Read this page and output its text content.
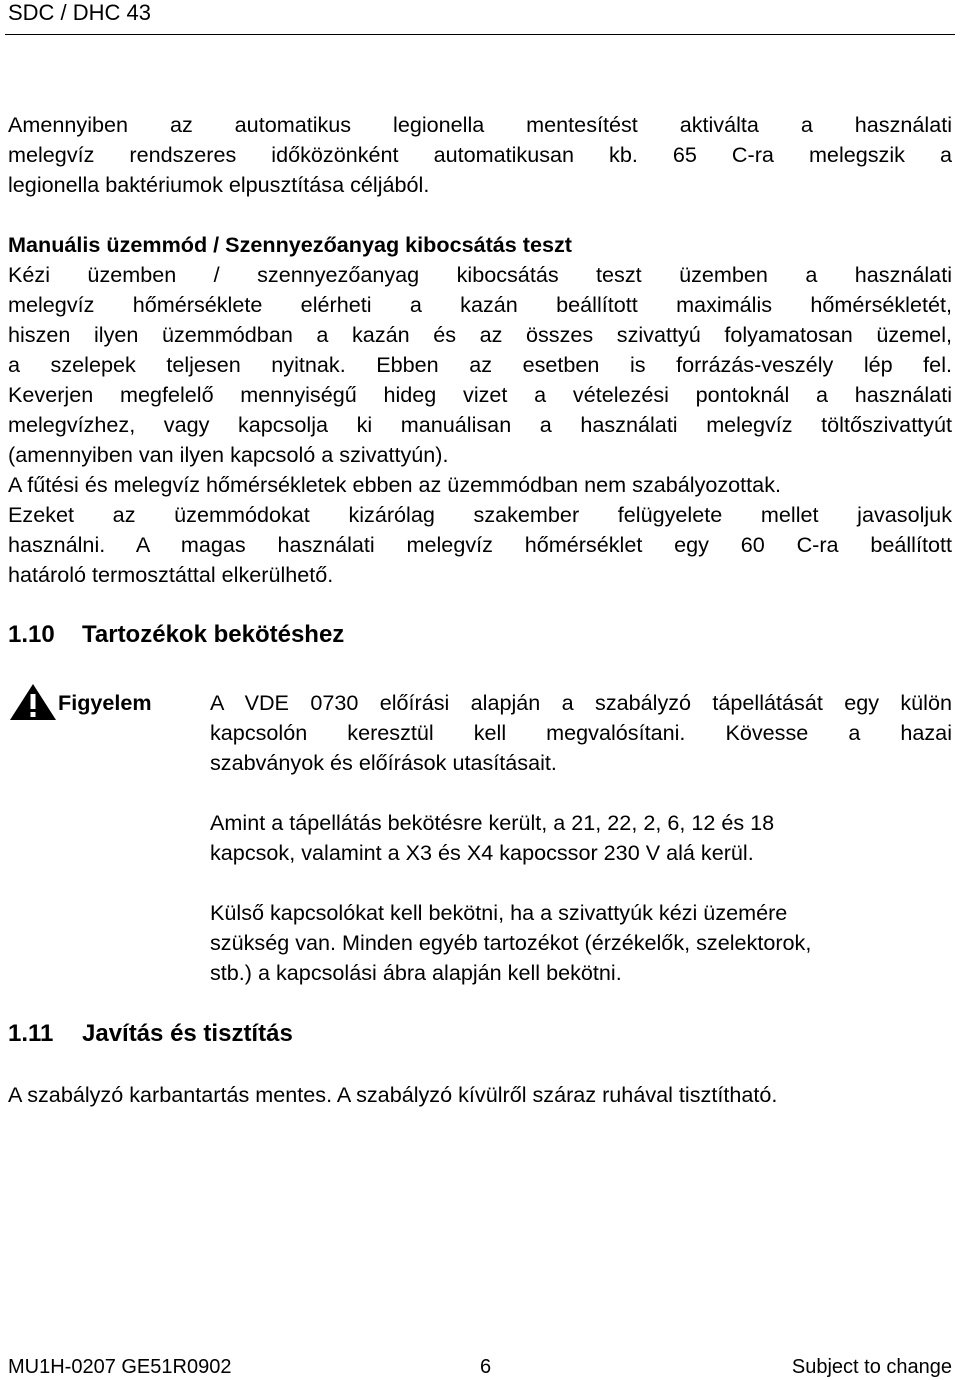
SDC / DHC 43
Amennyiben az automatikus legionella mentesítést aktiválta a használati
melegvíz rendszeres időközönként automatikusan kb. 65 C-ra melegszik a
legionella baktériumok elpusztítása céljából.
Manuális üzemmód / Szennyezőanyag kibocsátás teszt
Kézi üzemben / szennyezőanyag kibocsátás teszt üzemben a használati
melegvíz hőmérséklete elérheti a kazán beállított maximális hőmérsékletét,
hiszen ilyen üzemmódban a kazán és az összes szivattyú folyamatosan üzemel,
a szelepek teljesen nyitnak. Ebben az esetben is forrázás-veszély lép fel.
Keverjen megfelelő mennyiségű hideg vizet a vételezési pontoknál a használati
melegvízhez, vagy kapcsolja ki manuálisan a használati melegvíz töltőszivattyút
(amennyiben van ilyen kapcsoló a szivattyún).
A fűtési és melegvíz hőmérsékletek ebben az üzemmódban nem szabályozottak.
Ezeket az üzemmódokat kizárólag szakember felügyelete mellet javasoljuk
használni. A magas használati melegvíz hőmérséklet egy 60 C-ra beállított
határoló termosztáttal elkerülhető.
1.10 Tartozékok bekötéshez
Figyelem	A VDE 0730 előírási alapján a szabályzó tápellátását egy külön
kapcsolón keresztül kell megvalósítani. Kövesse a hazai
szabványok és előírások utasításait.
Amint a tápellátás bekötésre került, a 21, 22, 2, 6, 12 és 18
kapcsok, valamint a X3 és X4 kapocssor 230 V alá kerül.
Külső kapcsolókat kell bekötni, ha a szivattyúk kézi üzemére
szükség van. Minden egyéb tartozékot (érzékelők, szelektorok,
stb.) a kapcsolási ábra alapján kell bekötni.
1.11 Javítás és tisztítás
A szabályzó karbantartás mentes. A szabályzó kívülről száraz ruhával tisztítható.
MU1H-0207 GE51R0902	6	Subject to change
